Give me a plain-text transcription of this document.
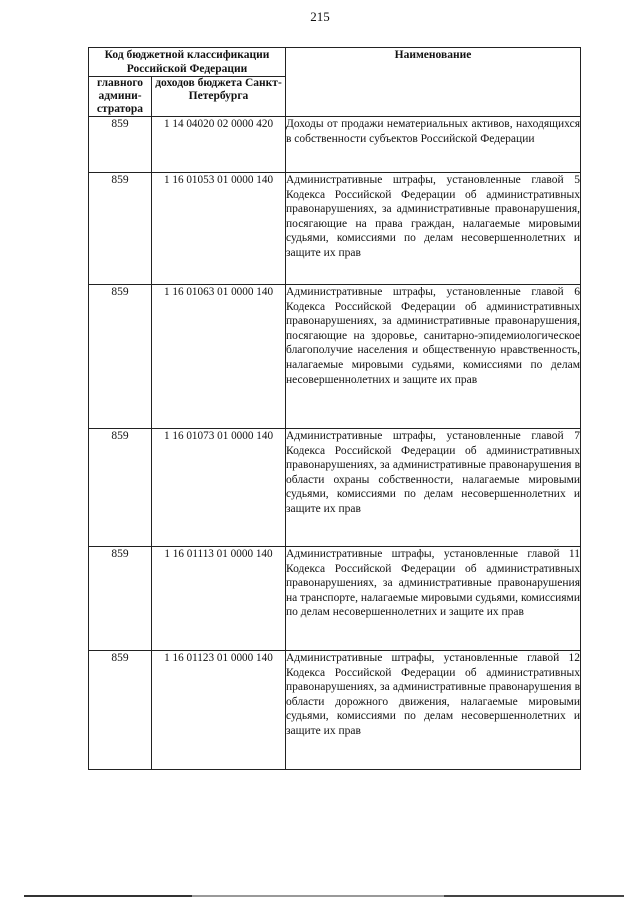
215
Код бюджетной классификации Российской Федерации		Наименование
главного админи-стратора	доходов бюджета Санкт-Петербурга	
859	1 14 04020 02 0000 420	Доходы от продажи нематериальных активов, находящихся в собственности субъектов Российской Федерации
859	1 16 01053 01 0000 140	Административные штрафы, установленные главой 5 Кодекса Российской Федерации об административных правонарушениях, за административные правонарушения, посягающие на права граждан, налагаемые мировыми судьями, комиссиями по делам несовершеннолетних и защите их прав
859	1 16 01063 01 0000 140	Административные штрафы, установленные главой 6 Кодекса Российской Федерации об административных правонарушениях, за административные правонарушения, посягающие на здоровье, санитарно-эпидемиологическое благополучие населения и общественную нравственность, налагаемые мировыми судьями, комиссиями по делам несовершеннолетних и защите их прав
859	1 16 01073 01 0000 140	Административные штрафы, установленные главой 7 Кодекса Российской Федерации об административных правонарушениях, за административные правонарушения в области охраны собственности, налагаемые мировыми судьями, комиссиями по делам несовершеннолетних и защите их прав
859	1 16 01113 01 0000 140	Административные штрафы, установленные главой 11 Кодекса Российской Федерации об административных правонарушениях, за административные правонарушения на транспорте, налагаемые мировыми судьями, комиссиями по делам несовершеннолетних и защите их прав
859	1 16 01123 01 0000 140	Административные штрафы, установленные главой 12 Кодекса Российской Федерации об административных правонарушениях, за административные правонарушения в области дорожного движения, налагаемые мировыми судьями, комиссиями по делам несовершеннолетних и защите их прав
